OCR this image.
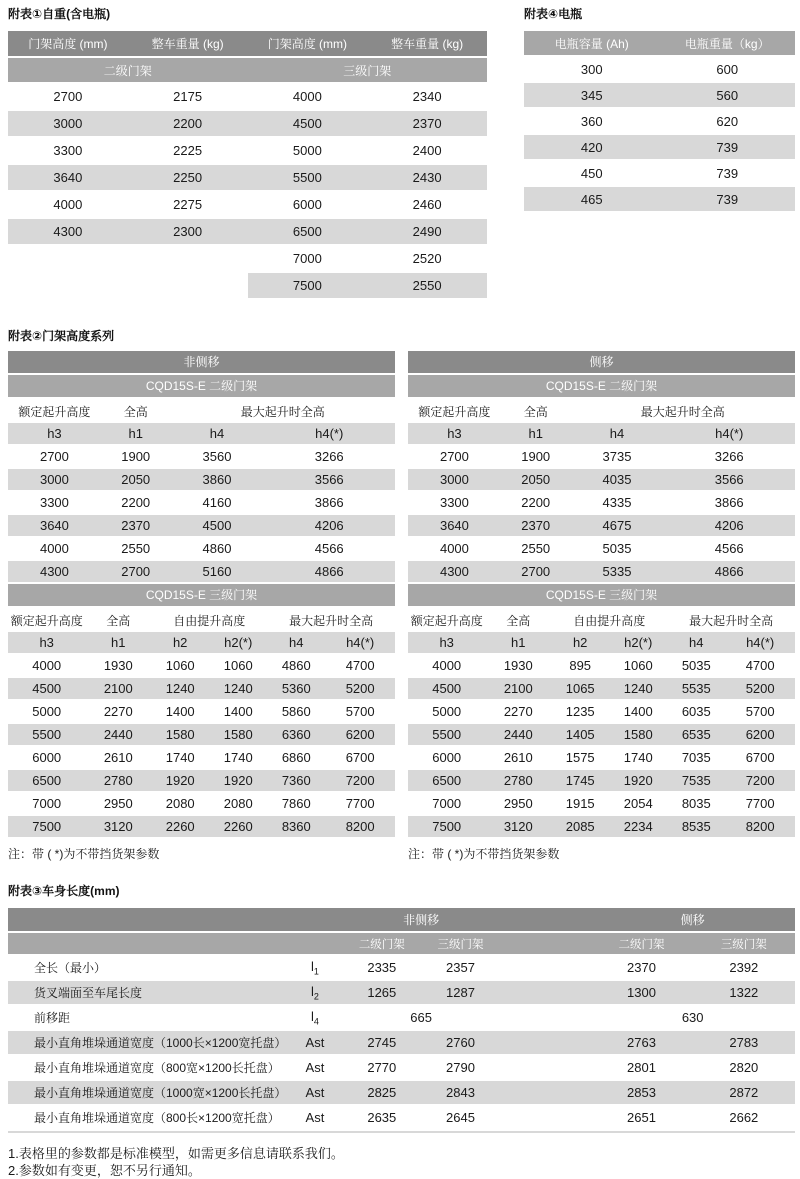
附表①自重(含电瓶)
门架高度 (mm)	整车重量 (kg)	门架高度 (mm)	整车重量 (kg)
二级门架		三级门架	
2700	2175	4000	2340
3000	2200	4500	2370
3300	2225	5000	2400
3640	2250	5500	2430
4000	2275	6000	2460
4300	2300	6500	2490
		7000	2520
		7500	2550
附表④电瓶
电瓶容量 (Ah)	电瓶重量（kg）
300	600
345	560
360	620
420	739
450	739
465	739
附表②门架高度系列
非侧移
CQD15S-E 二级门架
额定起升高度	全高	最大起升时全高	
h3	h1	h4	h4(*)
2700	1900	3560	3266
3000	2050	3860	3566
3300	2200	4160	3866
3640	2370	4500	4206
4000	2550	4860	4566
4300	2700	5160	4866
CQD15S-E 三级门架
额定起升高度	全高	自由提升高度		最大起升时全高	
h3	h1	h2	h2(*)	h4	h4(*)
4000	1930	1060	1060	4860	4700
4500	2100	1240	1240	5360	5200
5000	2270	1400	1400	5860	5700
5500	2440	1580	1580	6360	6200
6000	2610	1740	1740	6860	6700
6500	2780	1920	1920	7360	7200
7000	2950	2080	2080	7860	7700
7500	3120	2260	2260	8360	8200
注：带 ( *)为不带挡货架参数
侧移
CQD15S-E 二级门架
额定起升高度	全高	最大起升时全高	
h3	h1	h4	h4(*)
2700	1900	3735	3266
3000	2050	4035	3566
3300	2200	4335	3866
3640	2370	4675	4206
4000	2550	5035	4566
4300	2700	5335	4866
CQD15S-E 三级门架
额定起升高度	全高	自由提升高度		最大起升时全高	
h3	h1	h2	h2(*)	h4	h4(*)
4000	1930	895	1060	5035	4700
4500	2100	1065	1240	5535	5200
5000	2270	1235	1400	6035	5700
5500	2440	1405	1580	6535	6200
6000	2610	1575	1740	7035	6700
6500	2780	1745	1920	7535	7200
7000	2950	1915	2054	8035	7700
7500	3120	2085	2234	8535	8200
注：带 ( *)为不带挡货架参数
附表③车身长度(mm)
		非侧移			侧移	
		二级门架	三级门架		二级门架	三级门架
全长（最小）	$l_1$	2335	2357		2370	2392
货叉端面至车尾长度	$l_2$	1265	1287		1300	1322
前移距	$l_4$	665			630	
最小直角堆垛通道宽度（1000长×1200宽托盘）	Ast	2745	2760		2763	2783
最小直角堆垛通道宽度（800宽×1200长托盘）	Ast	2770	2790		2801	2820
最小直角堆垛通道宽度（1000宽×1200长托盘）	Ast	2825	2843		2853	2872
最小直角堆垛通道宽度（800长×1200宽托盘）	Ast	2635	2645		2651	2662
1.表格里的参数都是标准模型，如需更多信息请联系我们。
2.参数如有变更，恕不另行通知。
